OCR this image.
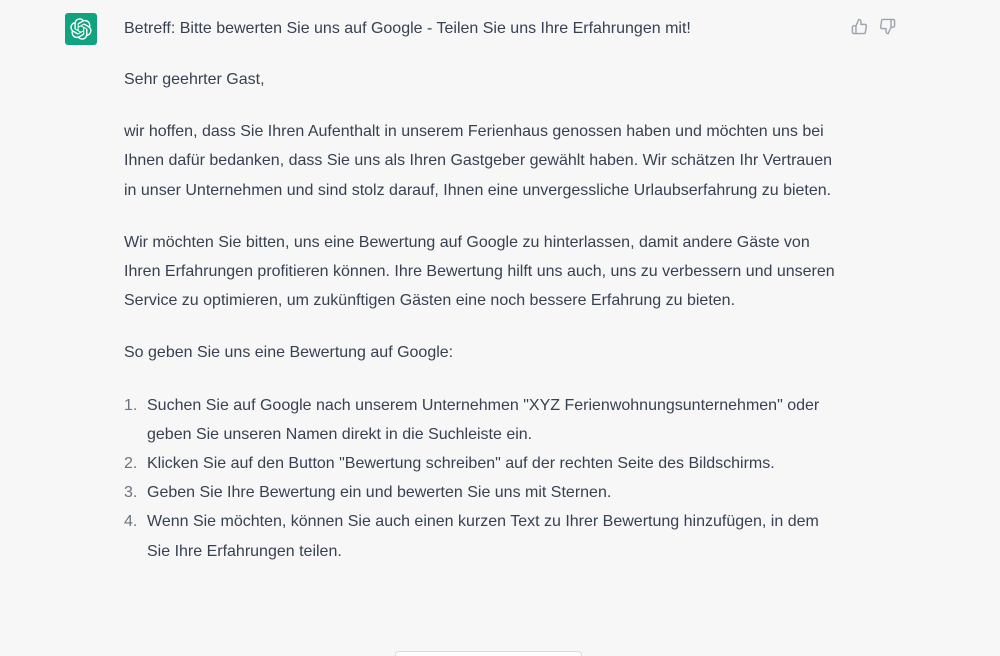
Betreff: Bitte bewerten Sie uns auf Google - Teilen Sie uns Ihre Erfahrungen mit!

Sehr geehrter Gast,

wir hoffen, dass Sie Ihren Aufenthalt in unserem Ferienhaus genossen haben und möchten uns bei Ihnen dafür bedanken, dass Sie uns als Ihren Gastgeber gewählt haben. Wir schätzen Ihr Vertrauen in unser Unternehmen und sind stolz darauf, Ihnen eine unvergessliche Urlaubserfahrung zu bieten.

Wir möchten Sie bitten, uns eine Bewertung auf Google zu hinterlassen, damit andere Gäste von Ihren Erfahrungen profitieren können. Ihre Bewertung hilft uns auch, uns zu verbessern und unseren Service zu optimieren, um zukünftigen Gästen eine noch bessere Erfahrung zu bieten.

So geben Sie uns eine Bewertung auf Google:

1. Suchen Sie auf Google nach unserem Unternehmen "XYZ Ferienwohnungsunternehmen" oder geben Sie unseren Namen direkt in die Suchleiste ein.
2. Klicken Sie auf den Button "Bewertung schreiben" auf der rechten Seite des Bildschirms.
3. Geben Sie Ihre Bewertung ein und bewerten Sie uns mit Sternen.
4. Wenn Sie möchten, können Sie auch einen kurzen Text zu Ihrer Bewertung hinzufügen, in dem Sie Ihre Erfahrungen teilen.
